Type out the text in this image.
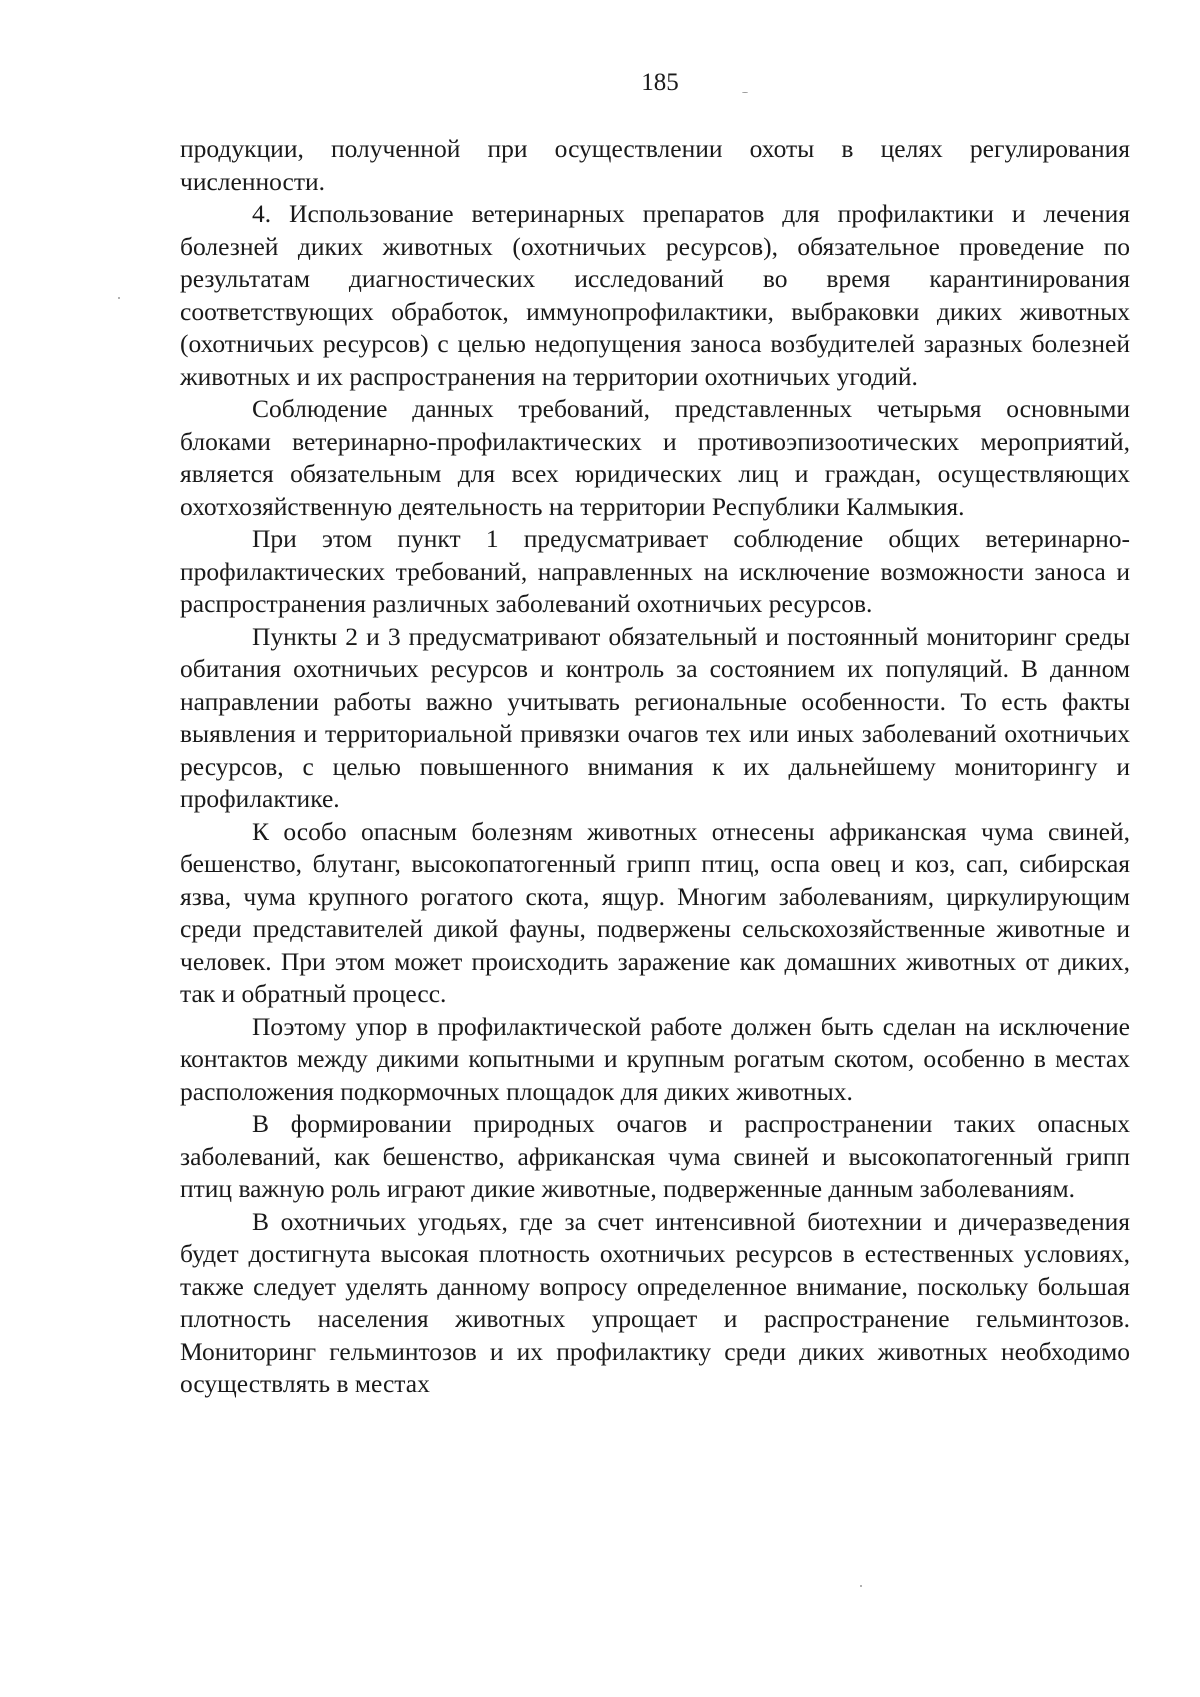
185

продукции, полученной при осуществлении охоты в целях регулирования численности.

4. Использование ветеринарных препаратов для профилактики и лечения болезней диких животных (охотничьих ресурсов), обязательное проведение по результатам диагностических исследований во время карантинирования соответствующих обработок, иммунопрофилактики, выбраковки диких животных (охотничьих ресурсов) с целью недопущения заноса возбудителей заразных болезней животных и их распространения на территории охотничьих угодий.

Соблюдение данных требований, представленных четырьмя основными блоками ветеринарно-профилактических и противоэпизоотических мероприятий, является обязательным для всех юридических лиц и граждан, осуществляющих охотхозяйственную деятельность на территории Республики Калмыкия.

При этом пункт 1 предусматривает соблюдение общих ветеринарно-профилактических требований, направленных на исключение возможности заноса и распространения различных заболеваний охотничьих ресурсов.

Пункты 2 и 3 предусматривают обязательный и постоянный мониторинг среды обитания охотничьих ресурсов и контроль за состоянием их популяций. В данном направлении работы важно учитывать региональные особенности. То есть факты выявления и территориальной привязки очагов тех или иных заболеваний охотничьих ресурсов, с целью повышенного внимания к их дальнейшему мониторингу и профилактике.

К особо опасным болезням животных отнесены африканская чума свиней, бешенство, блутанг, высокопатогенный грипп птиц, оспа овец и коз, сап, сибирская язва, чума крупного рогатого скота, ящур. Многим заболеваниям, циркулирующим среди представителей дикой фауны, подвержены сельскохозяйственные животные и человек. При этом может происходить заражение как домашних животных от диких, так и обратный процесс.

Поэтому упор в профилактической работе должен быть сделан на исключение контактов между дикими копытными и крупным рогатым скотом, особенно в местах расположения подкормочных площадок для диких животных.

В формировании природных очагов и распространении таких опасных заболеваний, как бешенство, африканская чума свиней и высокопатогенный грипп птиц важную роль играют дикие животные, подверженные данным заболеваниям.

В охотничьих угодьях, где за счет интенсивной биотехнии и дичеразведения будет достигнута высокая плотность охотничьих ресурсов в естественных условиях, также следует уделять данному вопросу определенное внимание, поскольку большая плотность населения животных упрощает и распространение гельминтозов. Мониторинг гельминтозов и их профилактику среди диких животных необходимо осуществлять в местах
